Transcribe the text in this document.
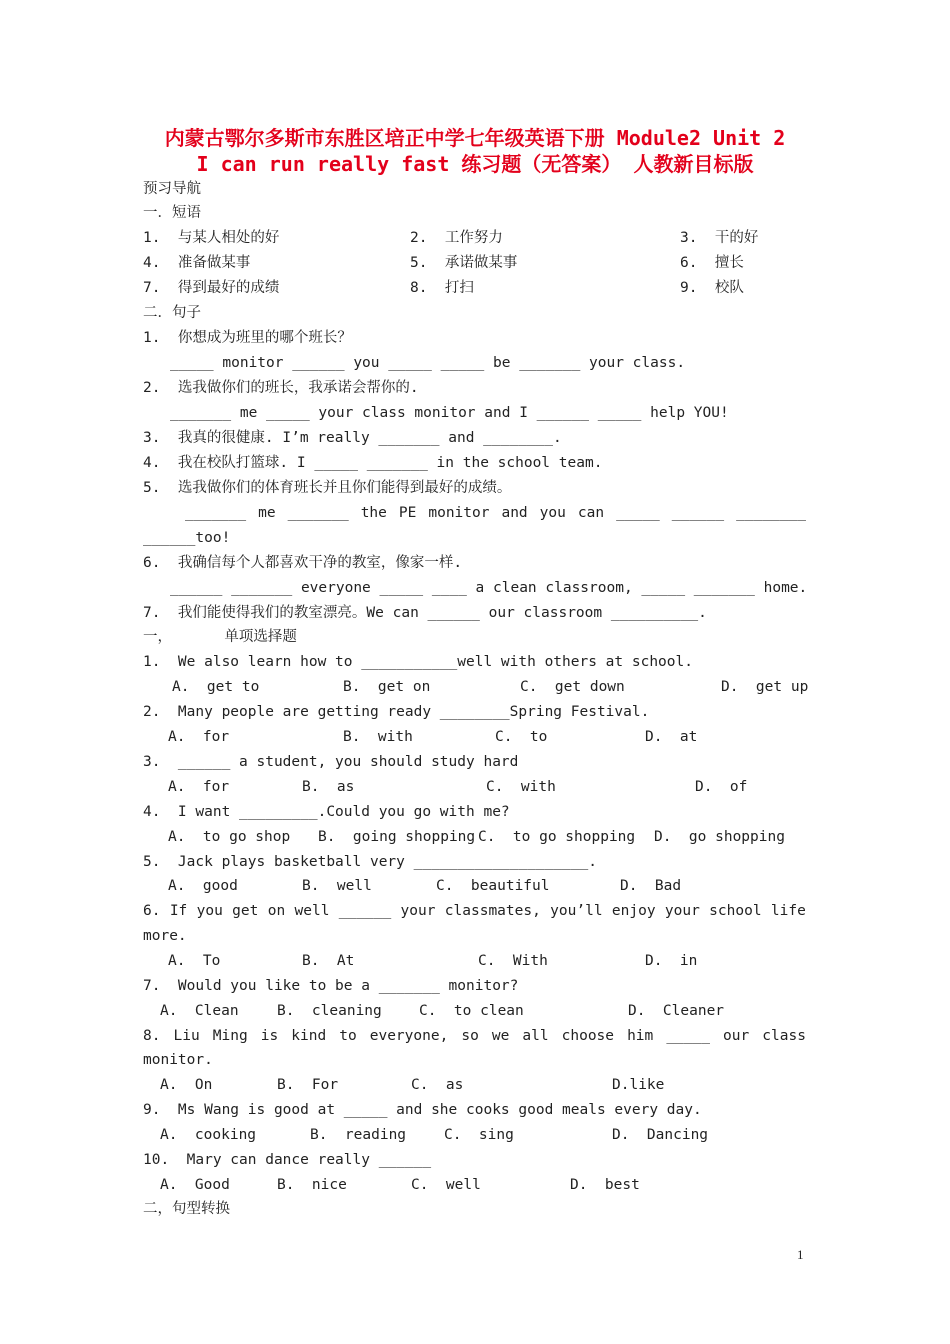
内蒙古鄂尔多斯市东胜区培正中学七年级英语下册 Module2 Unit 2
I can run really fast 练习题（无答案） 人教新目标版
预习导航
一．短语
1.  与某人相处的好	2.  工作努力	3.  干的好
4.  准备做某事	5.  承诺做某事	6.  擅长
7.  得到最好的成绩	8.  打扫	9.  校队
二．句子
1.  你想成为班里的哪个班长？
_____ monitor ______ you _____ _____ be _______ your class.
2.  选我做你们的班长，我承诺会帮你的.
_______ me _____ your class monitor and I ______ _____ help YOU!
3.  我真的很健康. I’m really _______ and ________.
4.  我在校队打篮球. I _____ _______ in the school team.
5.  选我做你们的体育班长并且你们能得到最好的成绩。
_______ me _______ the PE monitor and you can _____ ______ ________
______too!
6.  我确信每个人都喜欢干净的教室，像家一样.
______ _______ everyone _____ ____ a clean classroom, _____ _______ home.
7.  我们能使得我们的教室漂亮。We can ______ our classroom __________.
一，      单项选择题
1.  We also learn how to ___________well with others at school.
A.  get to	B.  get on	C.  get down	D.  get up
2.  Many people are getting ready ________Spring Festival.
A.  for	B.  with	C.  to	D.  at
3.  ______ a student, you should study hard
A.  for	B.  as	C.  with	D.  of
4.  I want _________.Could you go with me?
A.  to go shop B.  going shopping C.  to go shopping D.  go shopping
5.  Jack plays basketball very ____________________.
A.  good	B.  well	C.  beautiful	D.  Bad
6. If you get on well ______ your classmates, you’ll enjoy your school life
more.
A.  To	B.  At	C.  With	D.  in
7.  Would you like to be a _______ monitor?
A.  Clean	B.  cleaning	C.  to clean	D.  Cleaner
8. Liu Ming is kind to everyone, so we all choose him _____ our class
monitor.
A.  On	B.  For	C.  as	D.like
9.  Ms Wang is good at _____ and she cooks good meals every day.
A.  cooking	B.  reading	C.  sing	D.  Dancing
10.  Mary can dance really ______
A.  Good	B.  nice	C.  well	D.  best
二，句型转换
1
